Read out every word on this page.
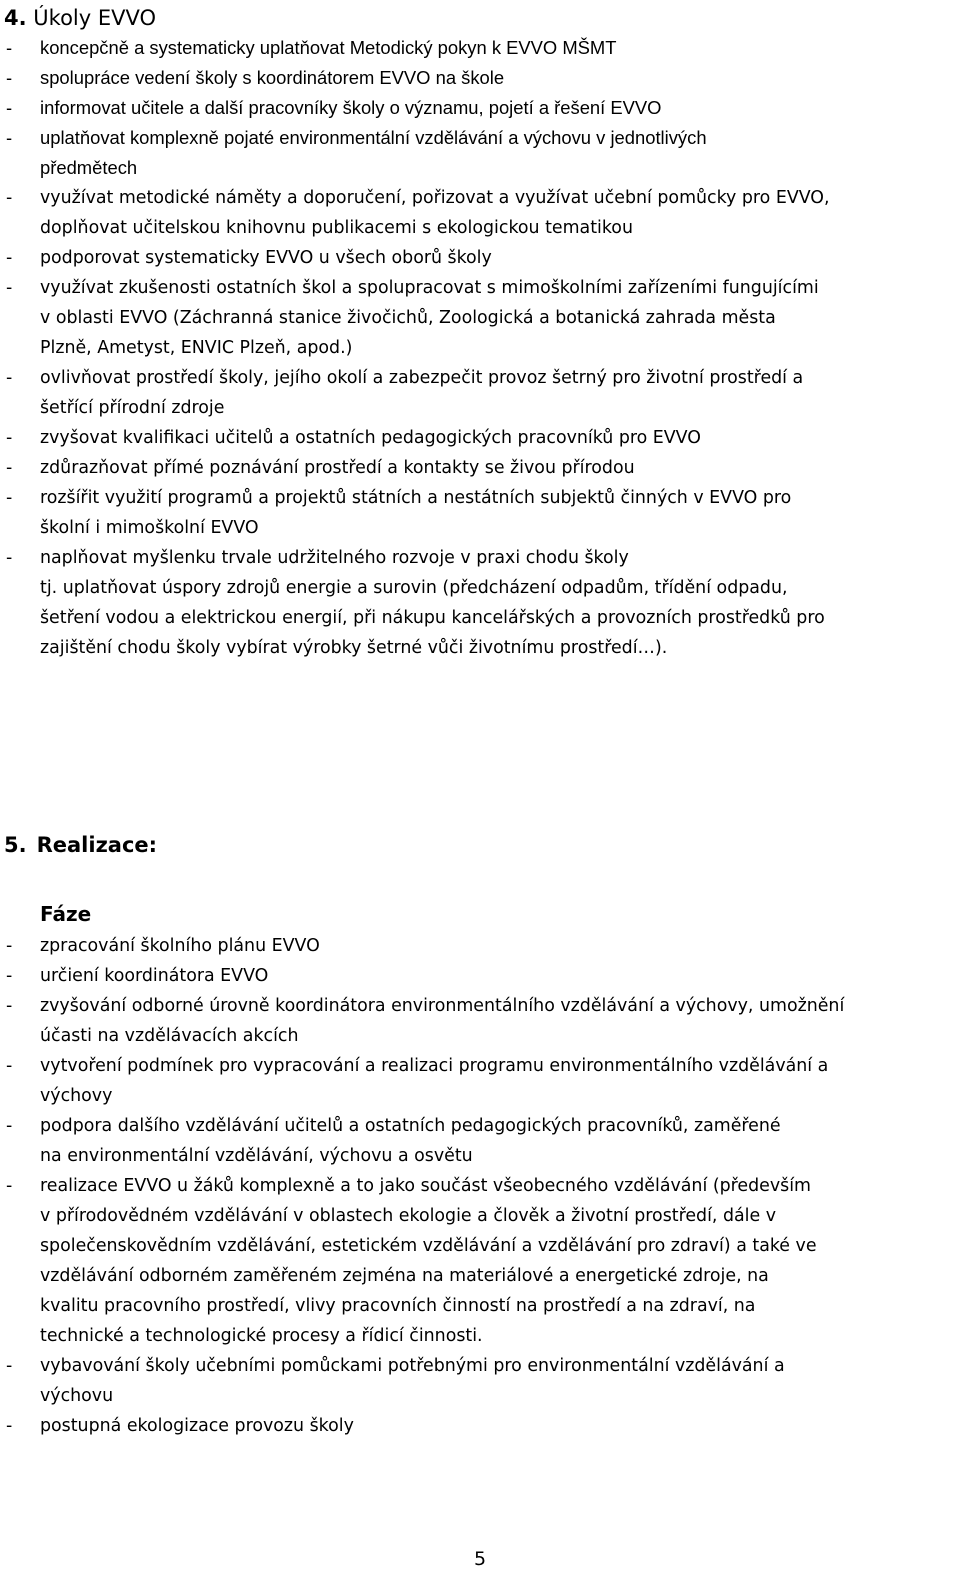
4. Úkoly EVVO
- koncepčně a systematicky uplatňovat Metodický pokyn k EVVO MŠMT
- spolupráce vedení školy s koordinátorem EVVO na škole
- informovat učitele a další pracovníky školy o významu, pojetí a řešení EVVO
- uplatňovat komplexně pojaté environmentální vzdělávání a výchovu v jednotlivých
předmětech
- využívat metodické náměty a doporučení, pořizovat a využívat učební pomůcky pro EVVO,
doplňovat učitelskou knihovnu publikacemi s ekologickou tematikou
- podporovat systematicky EVVO u všech oborů školy
- využívat zkušenosti ostatních škol a spolupracovat s mimoškolními zařízeními fungujícími
v oblasti EVVO (Záchranná stanice živočichů, Zoologická a botanická zahrada města
Plzně, Ametyst, ENVIC Plzeň, apod.)
- ovlivňovat prostředí školy, jejího okolí a zabezpečit provoz šetrný pro životní prostředí a
šetřící přírodní zdroje
- zvyšovat kvalifikaci učitelů a ostatních pedagogických pracovníků pro EVVO
- zdůrazňovat přímé poznávání prostředí a kontakty se živou přírodou
- rozšířit využití programů a projektů státních a nestátních subjektů činných v EVVO pro
školní i mimoškolní EVVO
- naplňovat myšlenku trvale udržitelného rozvoje v praxi chodu školy
tj. uplatňovat úspory zdrojů energie a surovin (předcházení odpadům, třídění odpadu,
šetření vodou a elektrickou energií, při nákupu kancelářských a provozních prostředků pro
zajištění chodu školy vybírat výrobky šetrné vůči životnímu prostředí…).
5. Realizace:
Fáze
- zpracování školního plánu EVVO
- určiení koordinátora EVVO
- zvyšování odborné úrovně koordinátora environmentálního vzdělávání a výchovy, umožnění
účasti na vzdělávacích akcích
- vytvoření podmínek pro vypracování a realizaci programu environmentálního vzdělávání a
výchovy
- podpora dalšího vzdělávání učitelů a ostatních pedagogických pracovníků, zaměřené
na environmentální vzdělávání, výchovu a osvětu
- realizace EVVO u žáků komplexně a to jako součást všeobecného vzdělávání (především
v přírodovědném vzdělávání v oblastech ekologie a člověk a životní prostředí, dále v
společenskovědním vzdělávání, estetickém vzdělávání a vzdělávání pro zdraví) a také ve
vzdělávání odborném zaměřeném zejména na materiálové a energetické zdroje, na
kvalitu pracovního prostředí, vlivy pracovních činností na prostředí a na zdraví, na
technické a technologické procesy a řídicí činnosti.
- vybavování školy učebními pomůckami potřebnými pro environmentální vzdělávání a
výchovu
- postupná ekologizace provozu školy
5
